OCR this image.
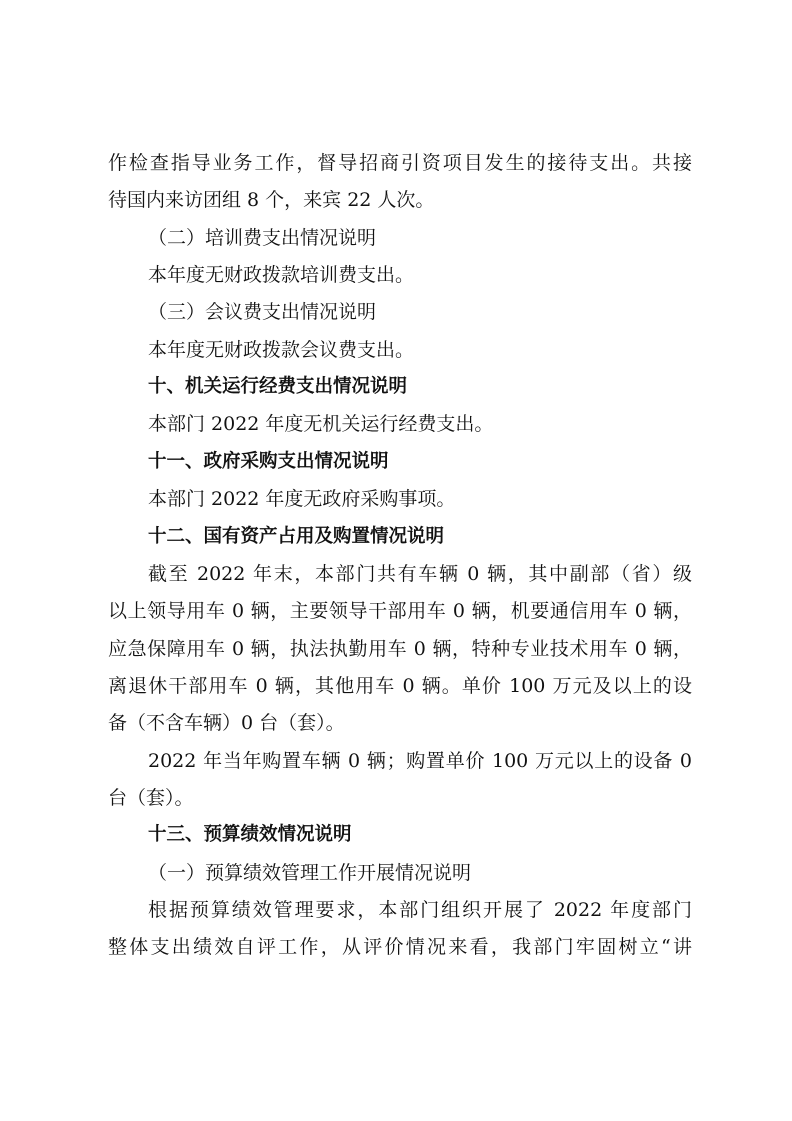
作检查指导业务工作，督导招商引资项目发生的接待支出。共接
待国内来访团组 8 个，来宾 22 人次。
（二）培训费支出情况说明
本年度无财政拨款培训费支出。
（三）会议费支出情况说明
本年度无财政拨款会议费支出。
十、机关运行经费支出情况说明
本部门 2022 年度无机关运行经费支出。
十一、政府采购支出情况说明
本部门 2022 年度无政府采购事项。
十二、国有资产占用及购置情况说明
截至 2022 年末，本部门共有车辆 0 辆，其中副部（省）级
以上领导用车 0 辆，主要领导干部用车 0 辆，机要通信用车 0 辆，
应急保障用车 0 辆，执法执勤用车 0 辆，特种专业技术用车 0 辆，
离退休干部用车 0 辆，其他用车 0 辆。单价 100 万元及以上的设
备（不含车辆）0 台（套）。
2022 年当年购置车辆 0 辆；购置单价 100 万元以上的设备 0
台（套）。
十三、预算绩效情况说明
（一）预算绩效管理工作开展情况说明
根据预算绩效管理要求，本部门组织开展了 2022 年度部门
整体支出绩效自评工作，从评价情况来看，我部门牢固树立“讲
